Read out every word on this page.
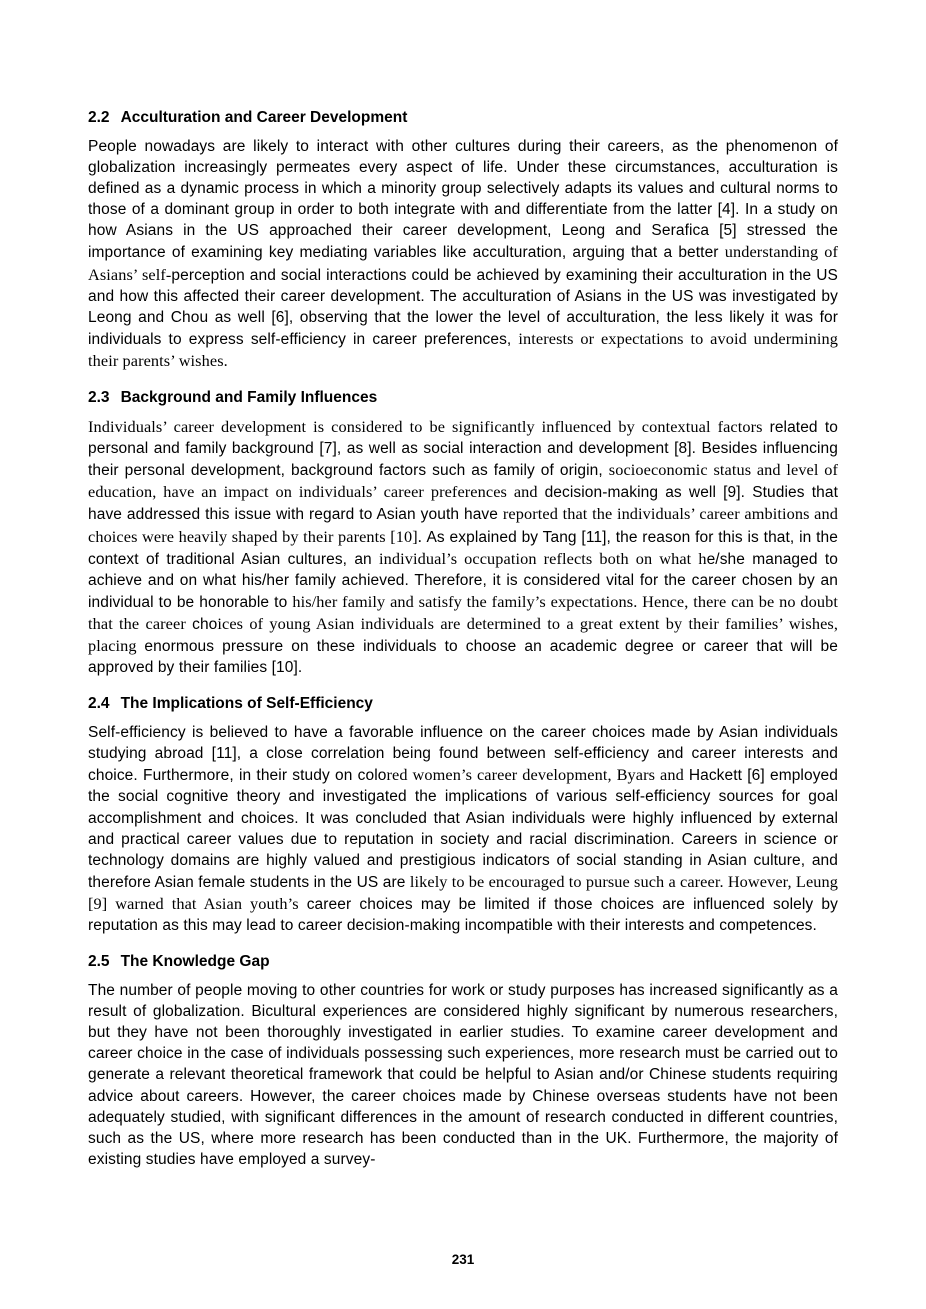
2.2 Acculturation and Career Development

People nowadays are likely to interact with other cultures during their careers, as the phenomenon of globalization increasingly permeates every aspect of life. Under these circumstances, acculturation is defined as a dynamic process in which a minority group selectively adapts its values and cultural norms to those of a dominant group in order to both integrate with and differentiate from the latter [4]. In a study on how Asians in the US approached their career development, Leong and Serafica [5] stressed the importance of examining key mediating variables like acculturation, arguing that a better understanding of Asians’ self-perception and social interactions could be achieved by examining their acculturation in the US and how this affected their career development. The acculturation of Asians in the US was investigated by Leong and Chou as well [6], observing that the lower the level of acculturation, the less likely it was for individuals to express self-efficiency in career preferences, interests or expectations to avoid undermining their parents’ wishes.

2.3 Background and Family Influences

Individuals’ career development is considered to be significantly influenced by contextual factors related to personal and family background [7], as well as social interaction and development [8]. Besides influencing their personal development, background factors such as family of origin, socioeconomic status and level of education, have an impact on individuals’ career preferences and decision-making as well [9]. Studies that have addressed this issue with regard to Asian youth have reported that the individuals’ career ambitions and choices were heavily shaped by their parents [10]. As explained by Tang [11], the reason for this is that, in the context of traditional Asian cultures, an individual’s occupation reflects both on what he/she managed to achieve and on what his/her family achieved. Therefore, it is considered vital for the career chosen by an individual to be honorable to his/her family and satisfy the family’s expectations. Hence, there can be no doubt that the career choices of young Asian individuals are determined to a great extent by their families’ wishes, placing enormous pressure on these individuals to choose an academic degree or career that will be approved by their families [10].

2.4 The Implications of Self-Efficiency

Self-efficiency is believed to have a favorable influence on the career choices made by Asian individuals studying abroad [11], a close correlation being found between self-efficiency and career interests and choice. Furthermore, in their study on colored women’s career development, Byars and Hackett [6] employed the social cognitive theory and investigated the implications of various self-efficiency sources for goal accomplishment and choices. It was concluded that Asian individuals were highly influenced by external and practical career values due to reputation in society and racial discrimination. Careers in science or technology domains are highly valued and prestigious indicators of social standing in Asian culture, and therefore Asian female students in the US are likely to be encouraged to pursue such a career. However, Leung [9] warned that Asian youth’s career choices may be limited if those choices are influenced solely by reputation as this may lead to career decision-making incompatible with their interests and competences.

2.5 The Knowledge Gap

The number of people moving to other countries for work or study purposes has increased significantly as a result of globalization. Bicultural experiences are considered highly significant by numerous researchers, but they have not been thoroughly investigated in earlier studies. To examine career development and career choice in the case of individuals possessing such experiences, more research must be carried out to generate a relevant theoretical framework that could be helpful to Asian and/or Chinese students requiring advice about careers. However, the career choices made by Chinese overseas students have not been adequately studied, with significant differences in the amount of research conducted in different countries, such as the US, where more research has been conducted than in the UK. Furthermore, the majority of existing studies have employed a survey-

231
